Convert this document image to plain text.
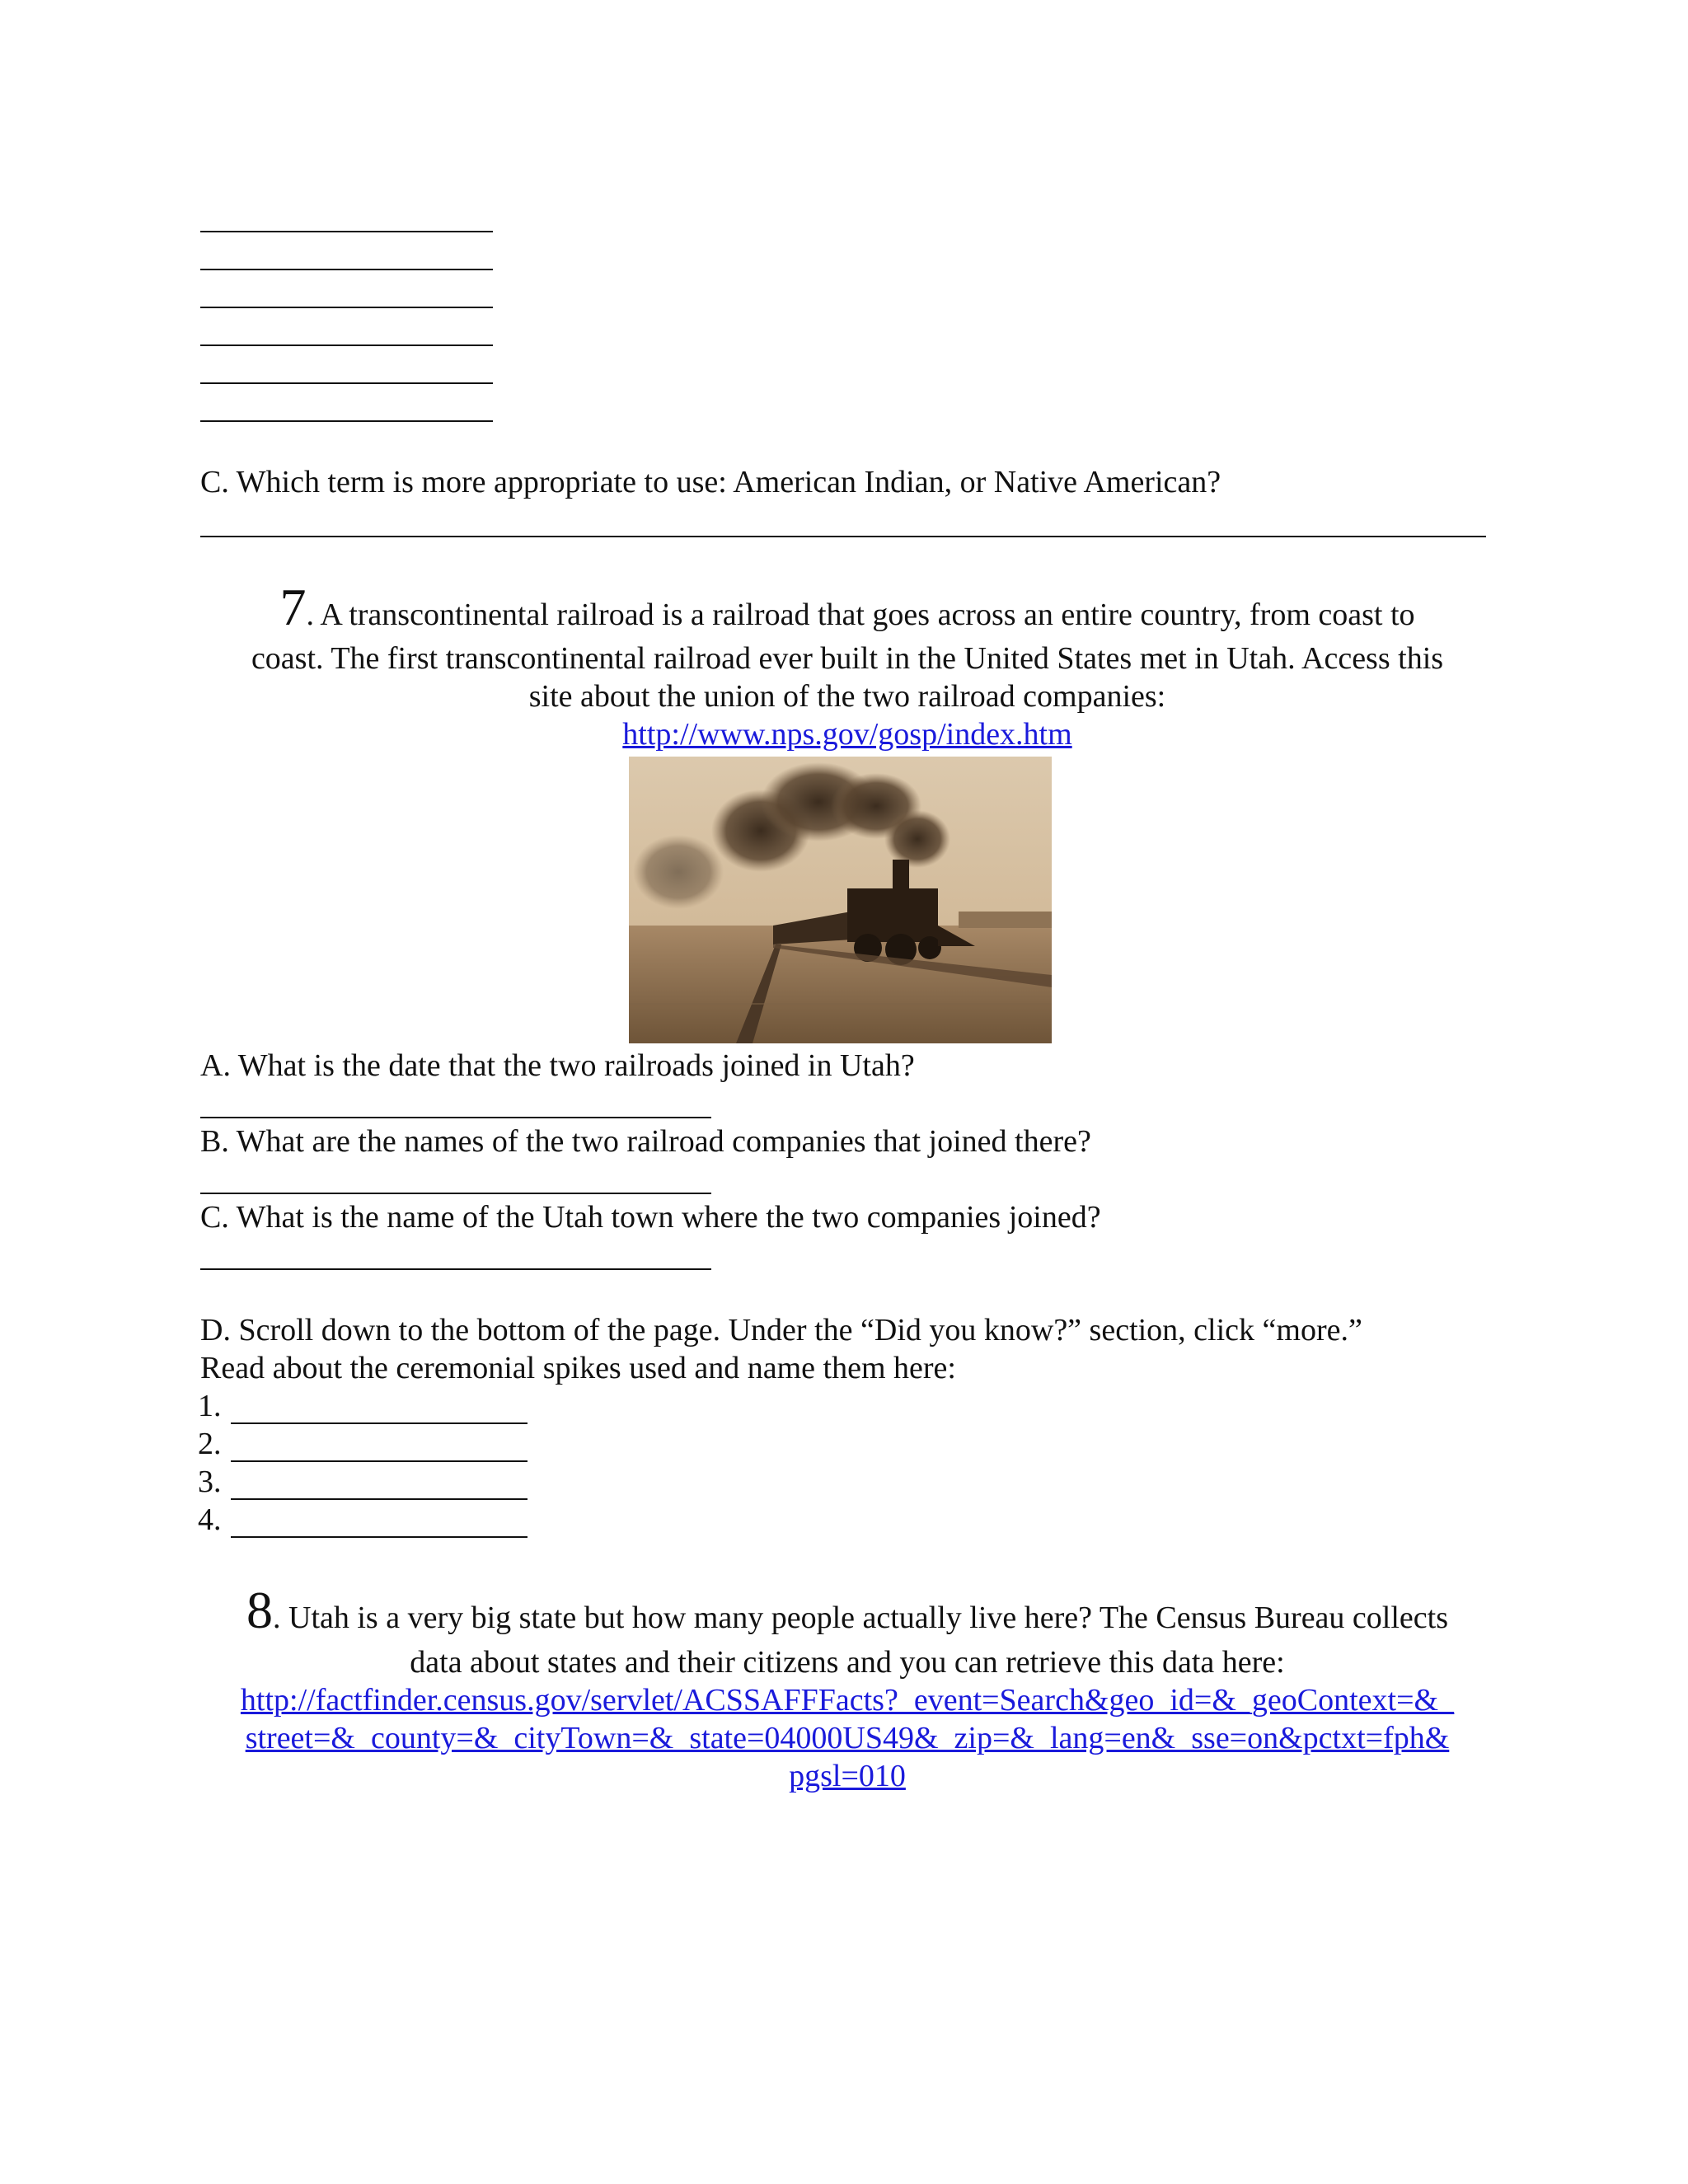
C. Which term is more appropriate to use: American Indian, or Native American?
7. A transcontinental railroad is a railroad that goes across an entire country, from coast to
coast. The first transcontinental railroad ever built in the United States met in Utah. Access this
site about the union of the two railroad companies:
http://www.nps.gov/gosp/index.htm
A. What is the date that the two railroads joined in Utah?
B. What are the names of the two railroad companies that joined there?
C. What is the name of the Utah town where the two companies joined?
D. Scroll down to the bottom of the page. Under the “Did you know?” section, click “more.”
Read about the ceremonial spikes used and name them here:
1.
2.
3.
4.
8. Utah is a very big state but how many people actually live here? The Census Bureau collects
data about states and their citizens and you can retrieve this data here:
http://factfinder.census.gov/servlet/ACSSAFFFacts?_event=Search&geo_id=&_geoContext=&_
street=&_county=&_cityTown=&_state=04000US49&_zip=&_lang=en&_sse=on&pctxt=fph&
pgsl=010
